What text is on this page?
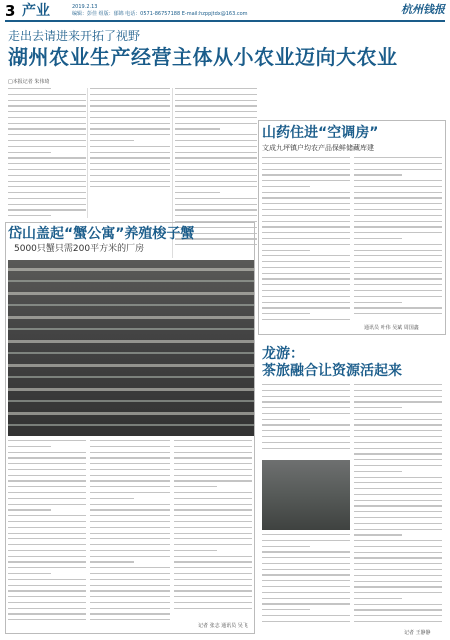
3 产业	2019.2.13
编辑：彭佳 组版：郁锦 电话：0571-86757188 E-mail:hzppjtdx@163.com	杭州钱报
走出去请进来开拓了视野
湖州农业生产经营主体从小农业迈向大农业
□本报记者 朱伟琦
山药住进“空调房”
文成九坪镇户均农产品保鲜储藏库建
通讯员 叶伟 吴斌 周国鑫
岱山盖起“蟹公寓”养殖梭子蟹
5000只蟹只需200平方米的厂房
记者 张志 通讯员 吴飞
龙游：
茶旅融合让资源活起来
记者 王静静
